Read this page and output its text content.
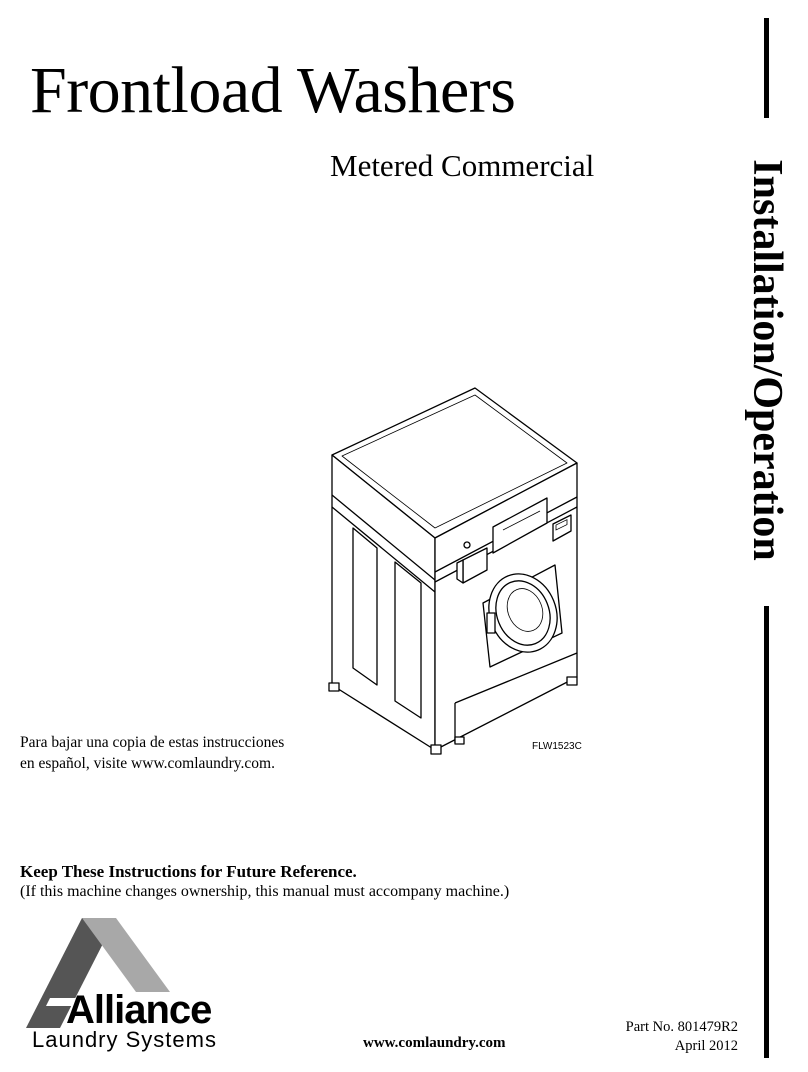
Frontload Washers
Metered Commercial	Installation/Operation
FLW1523C
Para bajar una copia de estas instrucciones
en español, visite www.comlaundry.com.
Keep These Instructions for Future Reference.
(If this machine changes ownership, this manual must accompany machine.)
Alliance
Laundry Systems	www.comlaundry.com
Part No. 801479R2
April 2012
